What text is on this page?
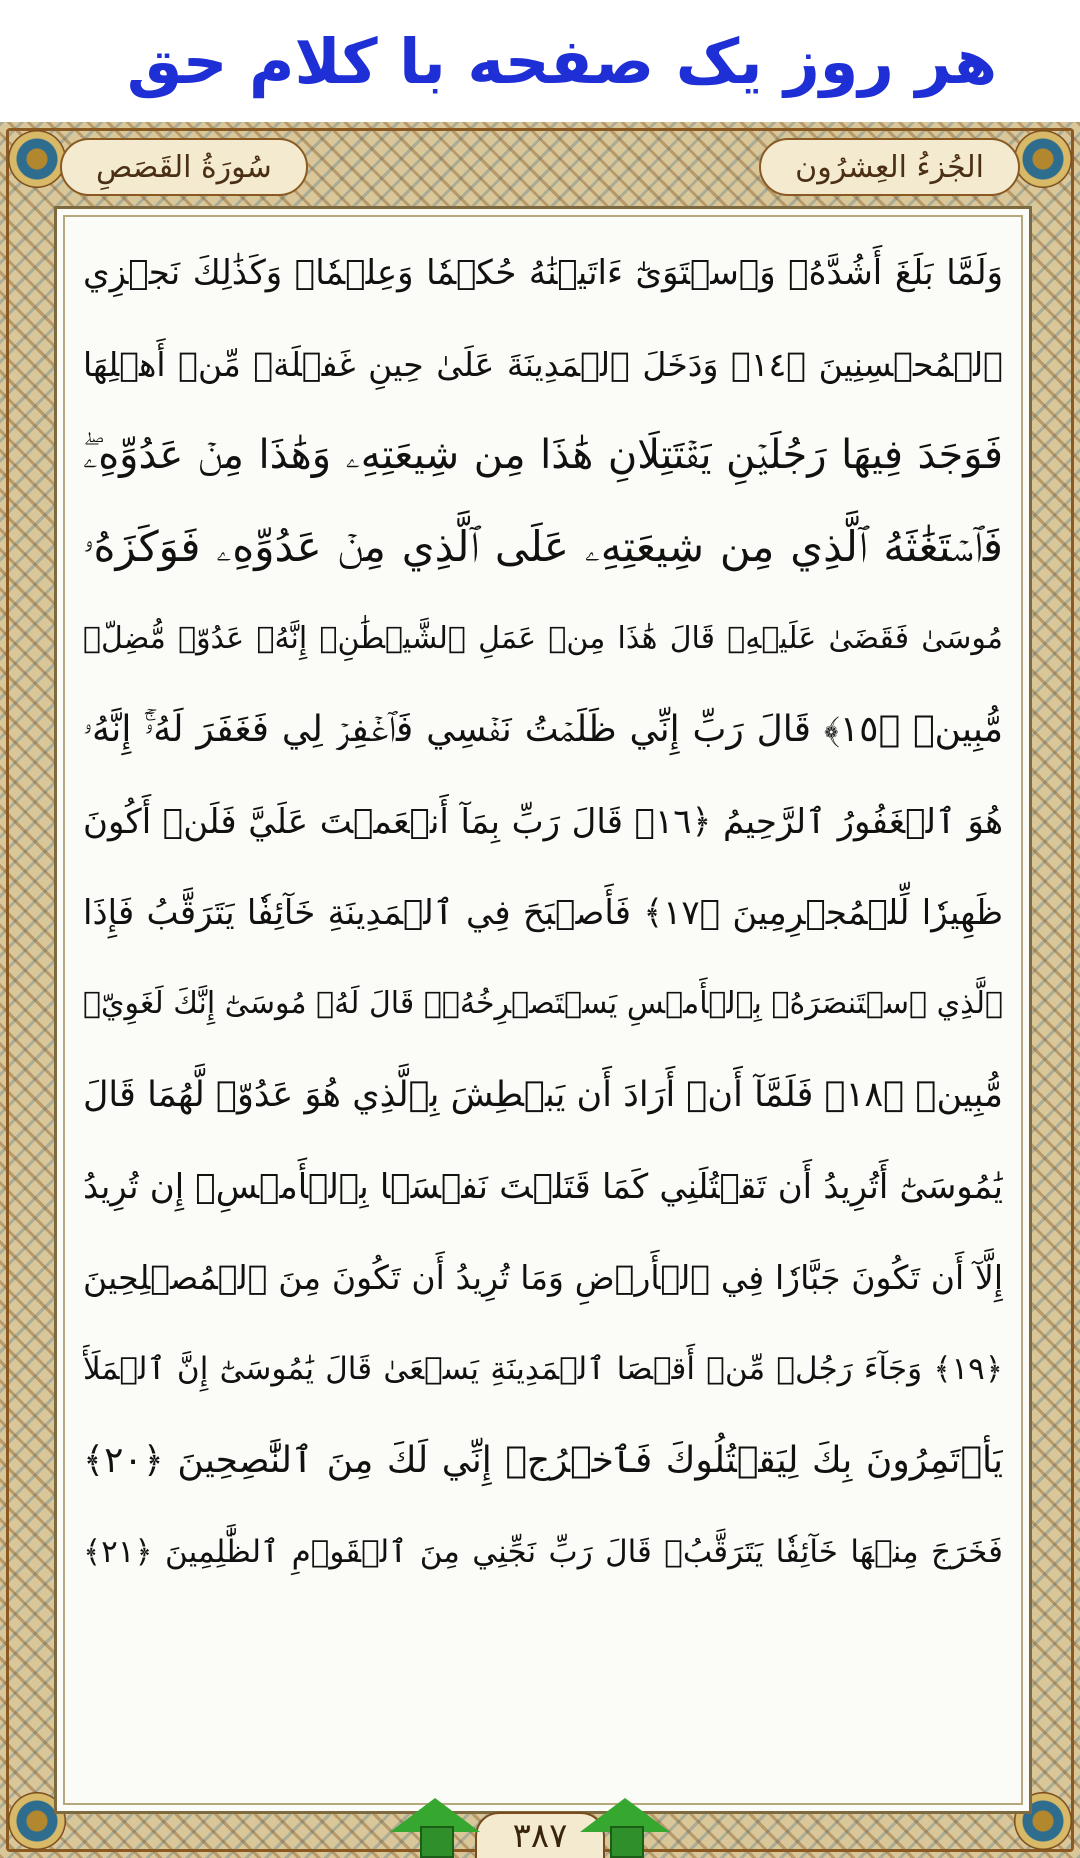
هر روز یک صفحه با کلام حق
سُورَةُ القَصَصِ	الجُزءُ العِشرُون
وَلَمَّا بَلَغَ أَشُدَّهُۥ وَٱسۡتَوَىٰٓ ءَاتَيۡنَٰهُ حُكۡمٗا وَعِلۡمٗاۚ وَكَذَٰلِكَ نَجۡزِي
ٱلۡمُحۡسِنِينَ ﴿١٤﴾ وَدَخَلَ ٱلۡمَدِينَةَ عَلَىٰ حِينِ غَفۡلَةٖ مِّنۡ أَهۡلِهَا
فَوَجَدَ فِيهَا رَجُلَيۡنِ يَقۡتَتِلَانِ هَٰذَا مِن شِيعَتِهِۦ وَهَٰذَا مِنۡ عَدُوِّهِۦۖ
فَٱسۡتَغَٰثَهُ ٱلَّذِي مِن شِيعَتِهِۦ عَلَى ٱلَّذِي مِنۡ عَدُوِّهِۦ فَوَكَزَهُۥ
مُوسَىٰ فَقَضَىٰ عَلَيۡهِۖ قَالَ هَٰذَا مِنۡ عَمَلِ ٱلشَّيۡطَٰنِۖ إِنَّهُۥ عَدُوّٞ مُّضِلّٞ
مُّبِينٞ ﴿١٥﴾ قَالَ رَبِّ إِنِّي ظَلَمۡتُ نَفۡسِي فَٱغۡفِرۡ لِي فَغَفَرَ لَهُۥٓۚ إِنَّهُۥ
هُوَ ٱلۡغَفُورُ ٱلرَّحِيمُ ﴿١٦﴾ قَالَ رَبِّ بِمَآ أَنۡعَمۡتَ عَلَيَّ فَلَنۡ أَكُونَ
ظَهِيرٗا لِّلۡمُجۡرِمِينَ ﴿١٧﴾ فَأَصۡبَحَ فِي ٱلۡمَدِينَةِ خَآئِفٗا يَتَرَقَّبُ فَإِذَا
ٱلَّذِي ٱسۡتَنصَرَهُۥ بِٱلۡأَمۡسِ يَسۡتَصۡرِخُهُۥۚ قَالَ لَهُۥ مُوسَىٰٓ إِنَّكَ لَغَوِيّٞ
مُّبِينٞ ﴿١٨﴾ فَلَمَّآ أَنۡ أَرَادَ أَن يَبۡطِشَ بِٱلَّذِي هُوَ عَدُوّٞ لَّهُمَا قَالَ
يَٰمُوسَىٰٓ أَتُرِيدُ أَن تَقۡتُلَنِي كَمَا قَتَلۡتَ نَفۡسَۢا بِٱلۡأَمۡسِۖ إِن تُرِيدُ
إِلَّآ أَن تَكُونَ جَبَّارٗا فِي ٱلۡأَرۡضِ وَمَا تُرِيدُ أَن تَكُونَ مِنَ ٱلۡمُصۡلِحِينَ
﴿١٩﴾ وَجَآءَ رَجُلٞ مِّنۡ أَقۡصَا ٱلۡمَدِينَةِ يَسۡعَىٰ قَالَ يَٰمُوسَىٰٓ إِنَّ ٱلۡمَلَأَ
يَأۡتَمِرُونَ بِكَ لِيَقۡتُلُوكَ فَٱخۡرُجۡ إِنِّي لَكَ مِنَ ٱلنَّٰصِحِينَ ﴿٢٠﴾
فَخَرَجَ مِنۡهَا خَآئِفٗا يَتَرَقَّبُۖ قَالَ رَبِّ نَجِّنِي مِنَ ٱلۡقَوۡمِ ٱلظَّٰلِمِينَ ﴿٢١﴾
٣٨٧
